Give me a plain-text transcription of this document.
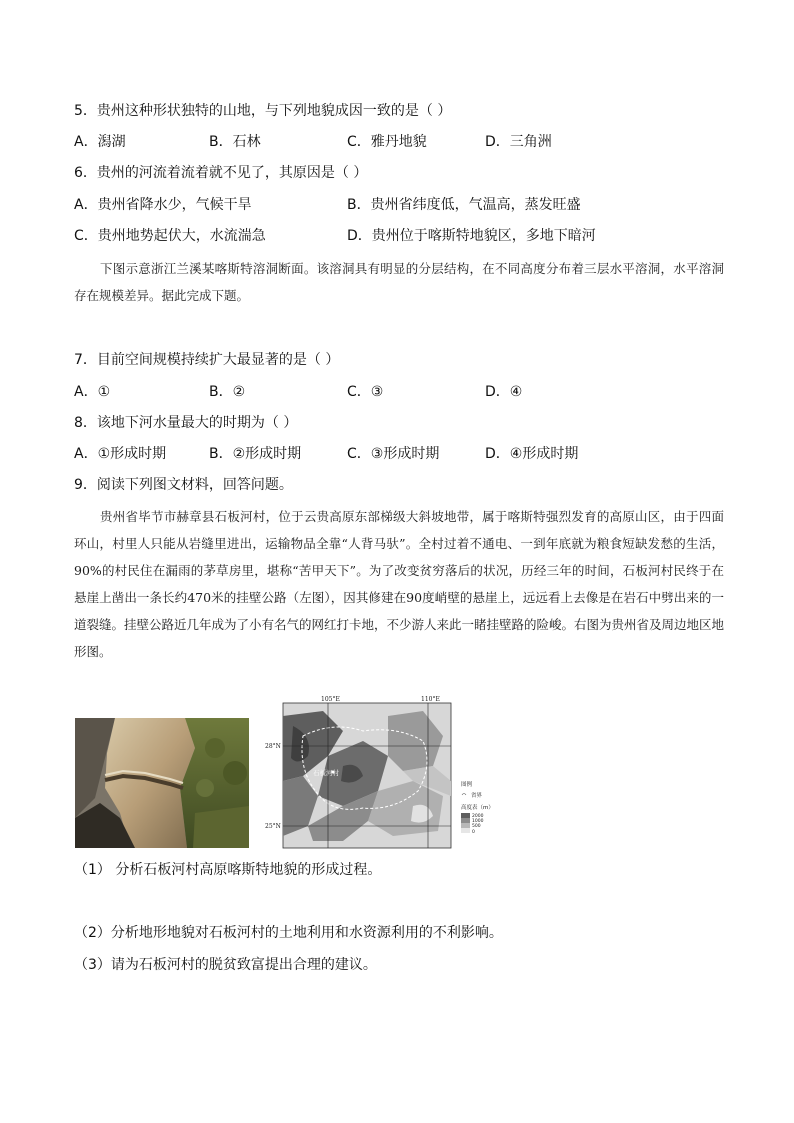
5．贵州这种形状独特的山地，与下列地貌成因一致的是（ ）
A．潟湖	B．石林	C．雅丹地貌	D．三角洲
6．贵州的河流着流着就不见了，其原因是（ ）
A．贵州省降水少，气候干旱	B．贵州省纬度低，气温高，蒸发旺盛
C．贵州地势起伏大，水流湍急	D．贵州位于喀斯特地貌区，多地下暗河
下图示意浙江兰溪某喀斯特溶洞断面。该溶洞具有明显的分层结构，在不同高度分布着三层水平溶洞，水平溶洞存在规模差异。据此完成下题。
7．目前空间规模持续扩大最显著的是（ ）
A．①	B．②	C．③	D．④
8．该地下河水量最大的时期为（ ）
A．①形成时期	B．②形成时期	C．③形成时期	D．④形成时期
9．阅读下列图文材料，回答问题。
贵州省毕节市赫章县石板河村，位于云贵高原东部梯级大斜坡地带，属于喀斯特强烈发育的高原山区，由于四面环山，村里人只能从岩缝里进出，运输物品全靠“人背马驮”。全村过着不通电、一到年底就为粮食短缺发愁的生活，90%的村民住在漏雨的茅草房里，堪称“苦甲天下”。为了改变贫穷落后的状况，历经三年的时间，石板河村民终于在悬崖上凿出一条长约470米的挂壁公路（左图），因其修建在90度峭壁的悬崖上，远远看上去像是在岩石中劈出来的一道裂缝。挂壁公路近几年成为了小有名气的网红打卡地，不少游人来此一睹挂壁路的险峻。右图为贵州省及周边地区地形图。
105°E	110°E
28°N
25°N
石板河村
图例
省界
高度表（m）
2000
1000
500
0
（1） 分析石板河村高原喀斯特地貌的形成过程。
（2）分析地形地貌对石板河村的土地利用和水资源利用的不利影响。
（3）请为石板河村的脱贫致富提出合理的建议。
